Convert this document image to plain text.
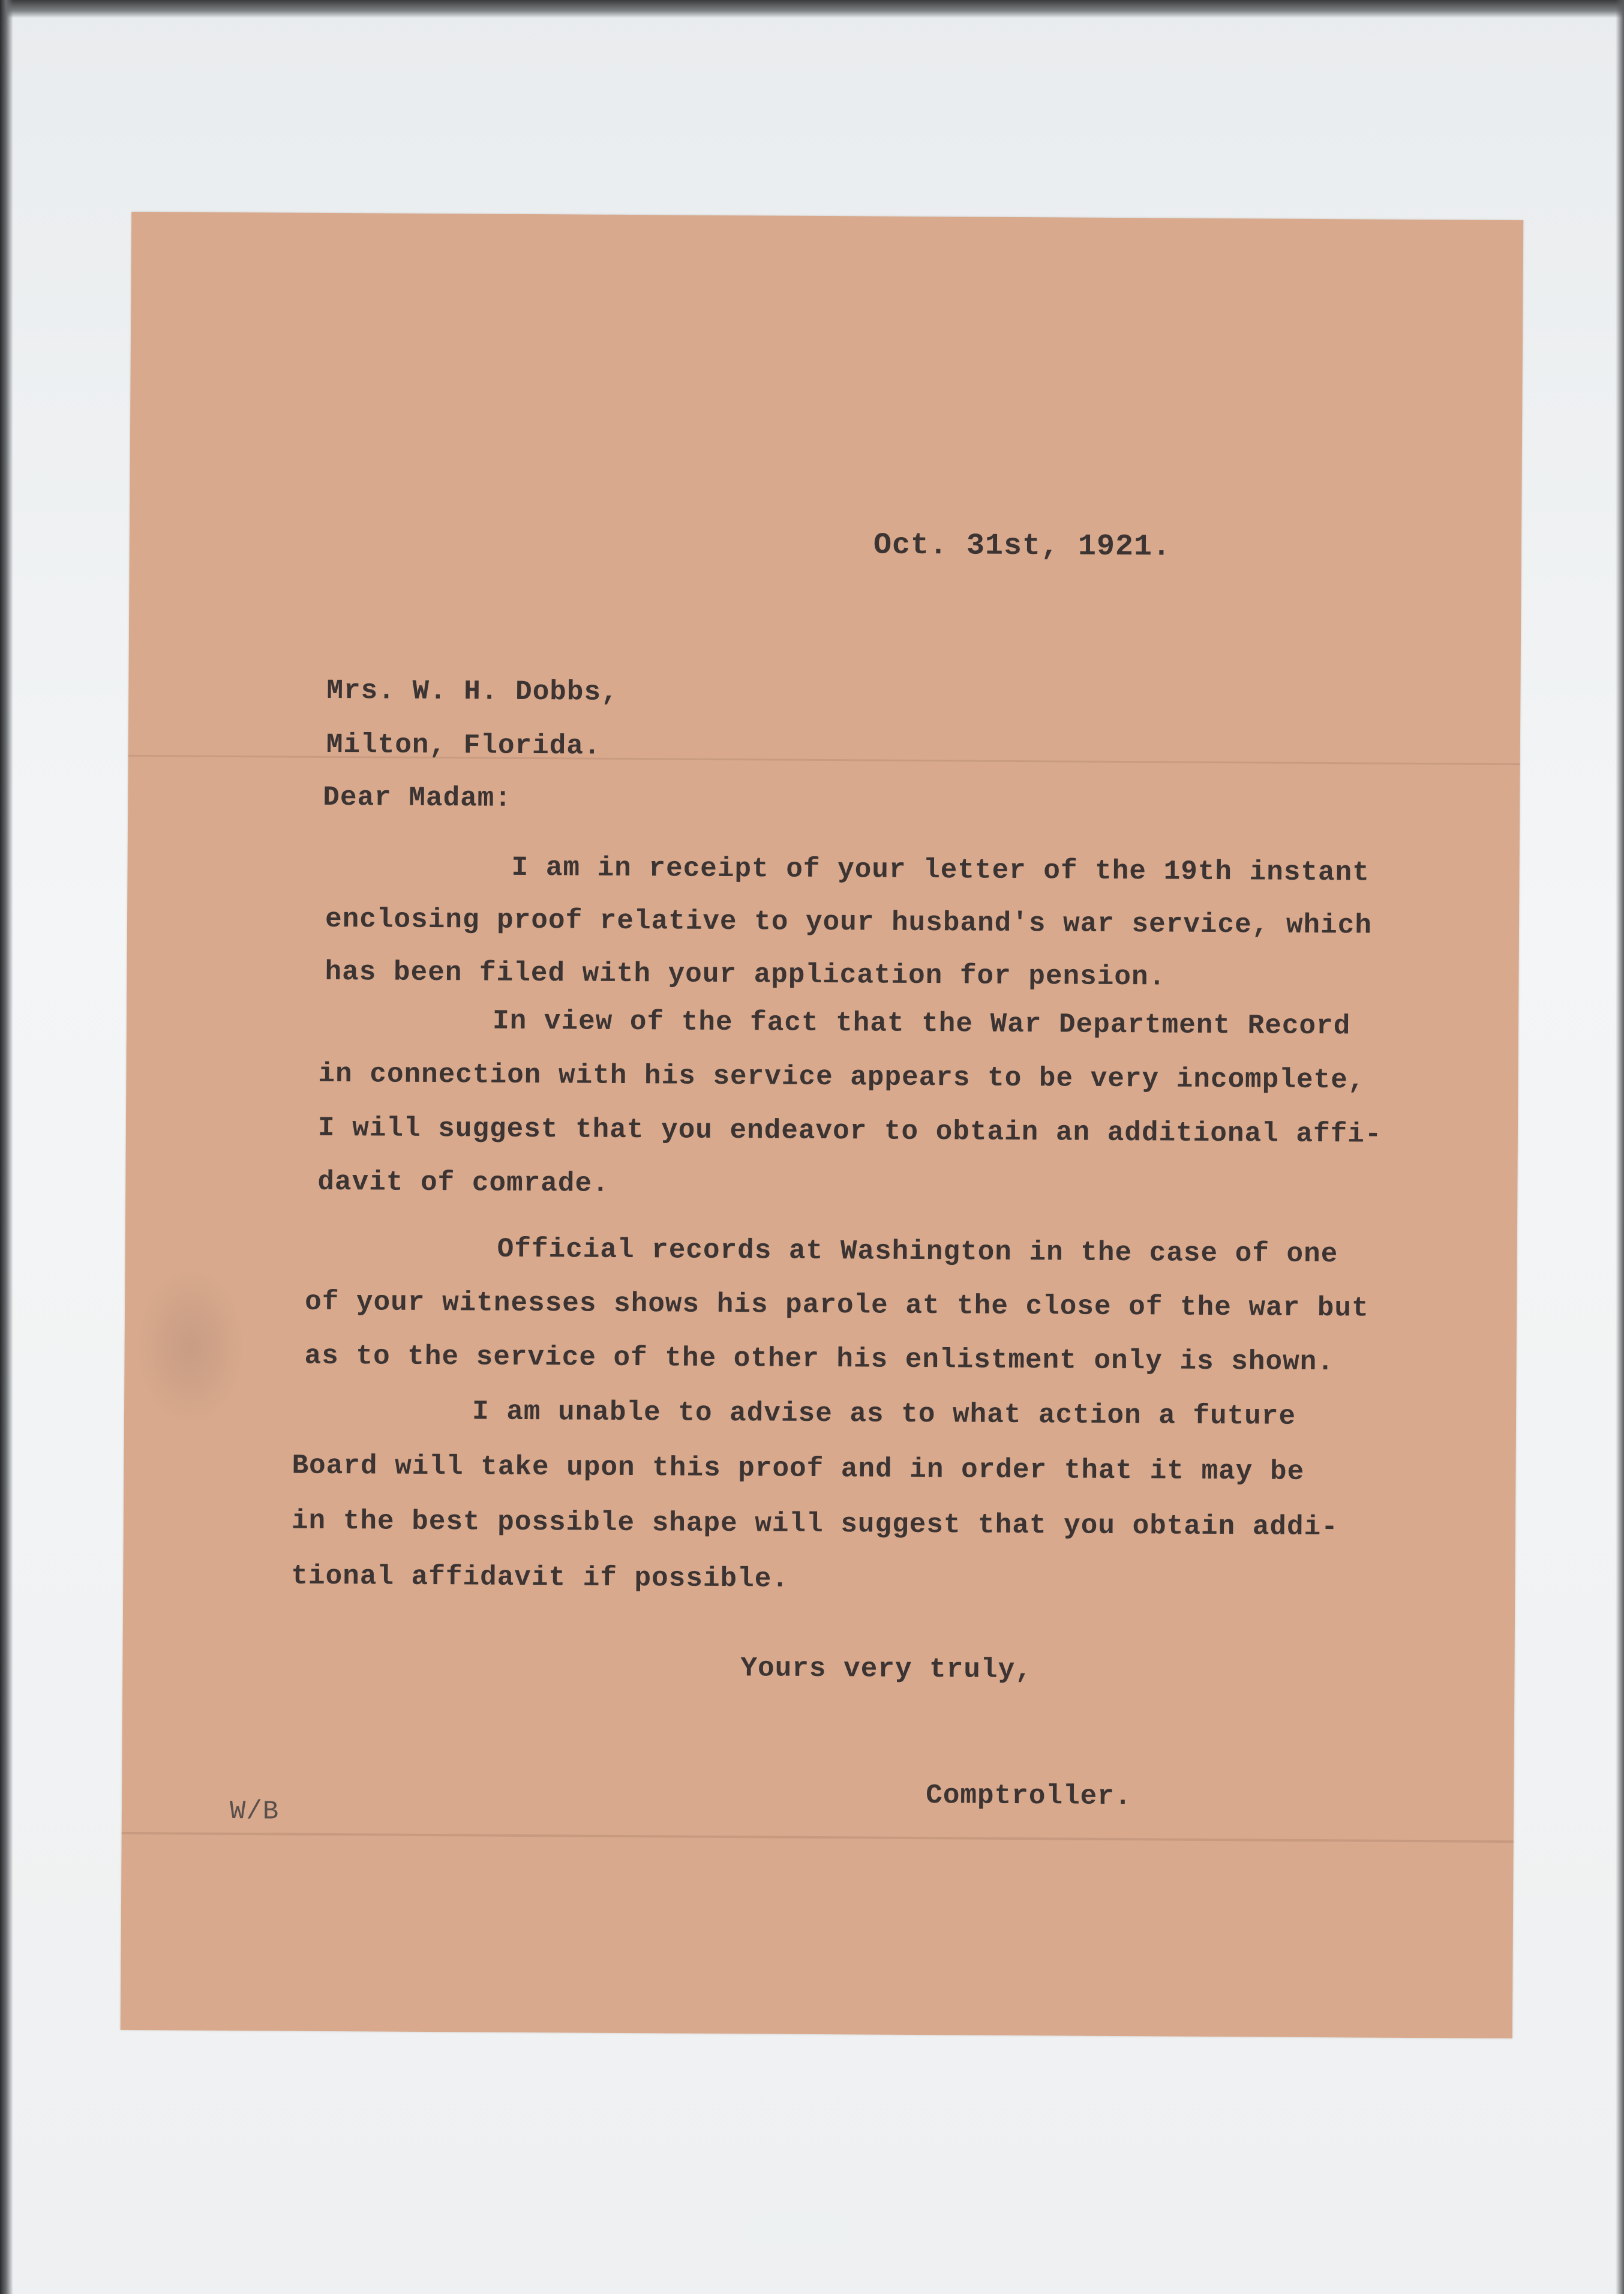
Oct. 31st, 1921.
Mrs. W. H. Dobbs,
Milton, Florida.
Dear Madam:
I am in receipt of your letter of the 19th instant
enclosing proof relative to your husband's war service, which
has been filed with your application for pension.
In view of the fact that the War Department Record
in connection with his service appears to be very incomplete,
I will suggest that you endeavor to obtain an additional affi-
davit of comrade.
Official records at Washington in the case of one
of your witnesses shows his parole at the close of the war but
as to the service of the other his enlistment only is shown.
I am unable to advise as to what action a future
Board will take upon this proof and in order that it may be
in the best possible shape will suggest that you obtain addi-
tional affidavit if possible.
Yours very truly,
Comptroller.
W/B
